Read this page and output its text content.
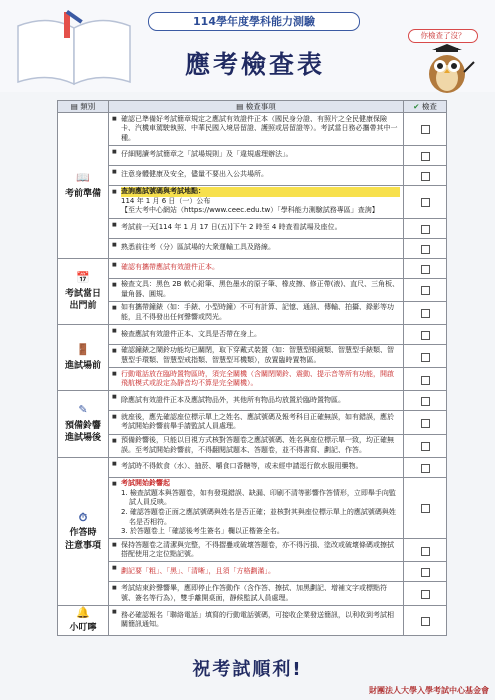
114學年度學科能力測驗
應考檢查表
你檢查了沒？
▤ 類別	▤ 檢查事項	✔ 檢查

📖
考前準備	■ 確認已準備好考試簡章規定之應試有效證件正本（國民身分證、有照片之全民健康保險卡、汽機車駕駛執照、中華民國入境居留證、護照或居留證等）。考試當日務必攜帶其中一種。	
	■ 仔細閱讀考試簡章之「試場規則」及「違規處理辦法」。	
	■ 注意身體健康及安全，儘量不要出入公共場所。	

	■ 查詢應試號碼與考試地點：
114 年 1 月 6 日（一）公布
【至大考中心網站（https://www.ceec.edu.tw）「學科能力測驗試務專區」查詢】

	■ 考試前一天[114 年 1 月 17 日(五)]下午 2 時至 4 時查看試場及座位。	
	■ 熟悉前往考（分）區試場的大衆運輸工具及路線。	

📅
考試當日
出門前	■ 確認有攜帶應試有效證件正本。	
	■ 檢查文具：黑色 2B 軟心鉛筆、黑色墨水的原子筆、橡皮擦、修正帶(液)、直尺、三角板、量角器、圓規。	
	■ 如有攜帶鐘錶（如：手錶、小型時鐘）不可有計算、記憶、通訊、傳輸、拍攝、錄影等功能，且不得發出任何聲響或閃光。	

🚪
進試場前	■ 檢查應試有效證件正本、文具是否帶在身上。	
	■ 確認鐘錶之鬧鈴功能均已關閉，取下穿戴式裝置（如：智慧型眼鏡類、智慧型手錶類、智慧型手環類、智慧型戒指類、智慧型耳機類），放置臨時置物區。	
	■ 行動電話放在臨時置物區時，須完全關機（含關閉鬧鈴、震動、提示音等所有功能，開啟飛航模式或設定為靜音均不算是完全關機）。	

✎
預備鈴響
進試場後	■ 除應試有效證件正本及應試物品外，其他所有物品均放置於臨時置物區。	
	■ 就座後，應先確認座位標示單上之姓名、應試號碼及報考科目正確無誤，如有錯誤，應於考試開始鈴響前舉手請監試人員處理。	
	■ 預備鈴響後，只能以目視方式核對答題卷之應試號碼、姓名與座位標示單一致，均正確無誤。至考試開始鈴響前，不得翻閱試題本、答題卷，並不得書寫、劃記、作答。	

⏱
作答時
注意事項	■ 考試時不得飲食（水）、抽菸、嚼食口香糖等，或未經申請逕行飲水服用藥物。	

	■ 考試開始鈴響起
1. 檢查試題本與答題卷，如有發現錯誤、缺漏、印刷不清等影響作答情形，立即舉手向監試人員反映。
2. 確認答題卷正面之應試號碼與姓名是否正確；並核對其與座位標示單上的應試號碼與姓名是否相符。
3. 於答題卷上「確認後考生簽名」欄以正楷簽全名。

	■ 保持答題卷之清潔與完整，不得摺疊或破壞答題卷，亦不得污損、塗改或破壞條碼或擦拭搭配使用之定位點記號。	
	■ 劃記要「粗」、「黑」、「清晰」，且須「方格劃滿」。	
	■ 考試結束鈴聲響畢，應即停止作答動作（含作答、擦拭、加黑劃記、增補文字或標點符號、簽名等行為），雙手離開桌面，靜候監試人員處理。	

🔔
小叮嚀	■ 務必確認報名「聯絡電話」填寫的行動電話號碼，可接收企業發送簡訊，以利收到考試相關簡訊通知。	
祝考試順利!
財團法人大學入學考試中心基金會
